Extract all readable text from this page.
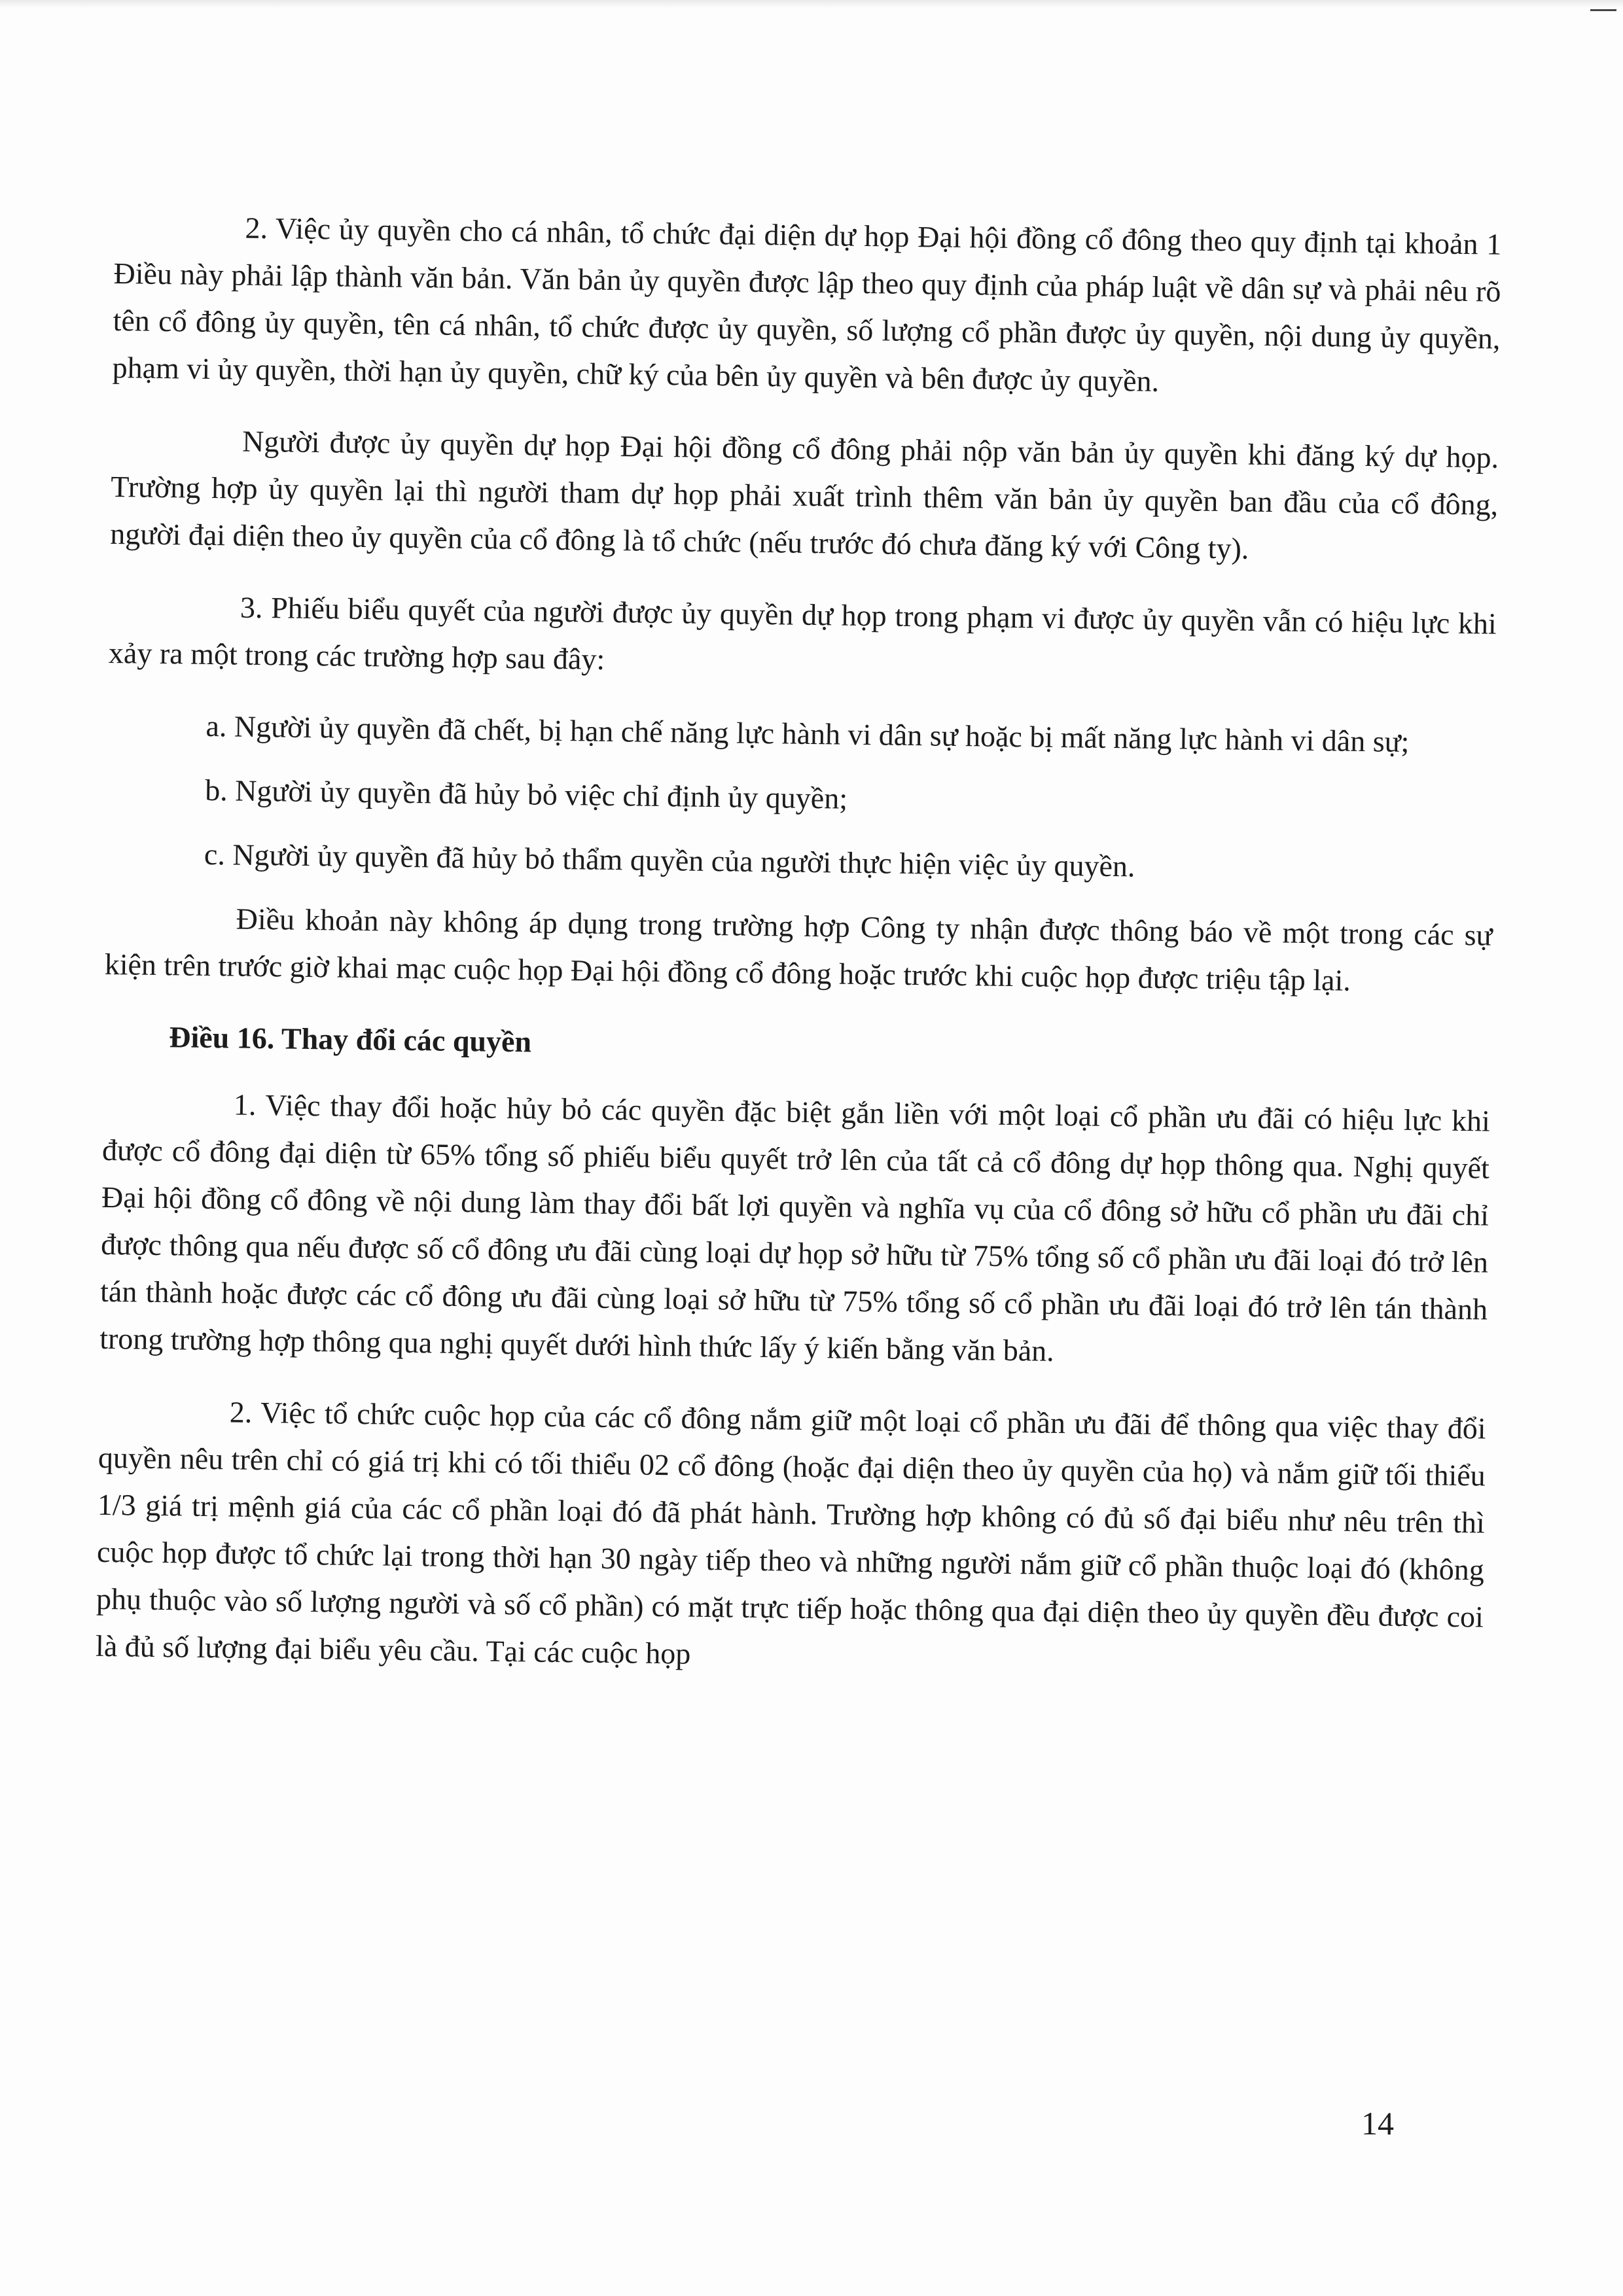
2. Việc ủy quyền cho cá nhân, tổ chức đại diện dự họp Đại hội đồng cổ đông theo quy định tại khoản 1 Điều này phải lập thành văn bản. Văn bản ủy quyền được lập theo quy định của pháp luật về dân sự và phải nêu rõ tên cổ đông ủy quyền, tên cá nhân, tổ chức được ủy quyền, số lượng cổ phần được ủy quyền, nội dung ủy quyền, phạm vi ủy quyền, thời hạn ủy quyền, chữ ký của bên ủy quyền và bên được ủy quyền.

Người được ủy quyền dự họp Đại hội đồng cổ đông phải nộp văn bản ủy quyền khi đăng ký dự họp. Trường hợp ủy quyền lại thì người tham dự họp phải xuất trình thêm văn bản ủy quyền ban đầu của cổ đông, người đại diện theo ủy quyền của cổ đông là tổ chức (nếu trước đó chưa đăng ký với Công ty).

3. Phiếu biểu quyết của người được ủy quyền dự họp trong phạm vi được ủy quyền vẫn có hiệu lực khi xảy ra một trong các trường hợp sau đây:

a. Người ủy quyền đã chết, bị hạn chế năng lực hành vi dân sự hoặc bị mất năng lực hành vi dân sự;

b. Người ủy quyền đã hủy bỏ việc chỉ định ủy quyền;

c. Người ủy quyền đã hủy bỏ thẩm quyền của người thực hiện việc ủy quyền.

Điều khoản này không áp dụng trong trường hợp Công ty nhận được thông báo về một trong các sự kiện trên trước giờ khai mạc cuộc họp Đại hội đồng cổ đông hoặc trước khi cuộc họp được triệu tập lại.

Điều 16. Thay đổi các quyền

1. Việc thay đổi hoặc hủy bỏ các quyền đặc biệt gắn liền với một loại cổ phần ưu đãi có hiệu lực khi được cổ đông đại diện từ 65% tổng số phiếu biểu quyết trở lên của tất cả cổ đông dự họp thông qua. Nghị quyết Đại hội đồng cổ đông về nội dung làm thay đổi bất lợi quyền và nghĩa vụ của cổ đông sở hữu cổ phần ưu đãi chỉ được thông qua nếu được số cổ đông ưu đãi cùng loại dự họp sở hữu từ 75% tổng số cổ phần ưu đãi loại đó trở lên tán thành hoặc được các cổ đông ưu đãi cùng loại sở hữu từ 75% tổng số cổ phần ưu đãi loại đó trở lên tán thành trong trường hợp thông qua nghị quyết dưới hình thức lấy ý kiến bằng văn bản.

2. Việc tổ chức cuộc họp của các cổ đông nắm giữ một loại cổ phần ưu đãi để thông qua việc thay đổi quyền nêu trên chỉ có giá trị khi có tối thiểu 02 cổ đông (hoặc đại diện theo ủy quyền của họ) và nắm giữ tối thiểu 1/3 giá trị mệnh giá của các cổ phần loại đó đã phát hành. Trường hợp không có đủ số đại biểu như nêu trên thì cuộc họp được tổ chức lại trong thời hạn 30 ngày tiếp theo và những người nắm giữ cổ phần thuộc loại đó (không phụ thuộc vào số lượng người và số cổ phần) có mặt trực tiếp hoặc thông qua đại diện theo ủy quyền đều được coi là đủ số lượng đại biểu yêu cầu. Tại các cuộc họp

14
